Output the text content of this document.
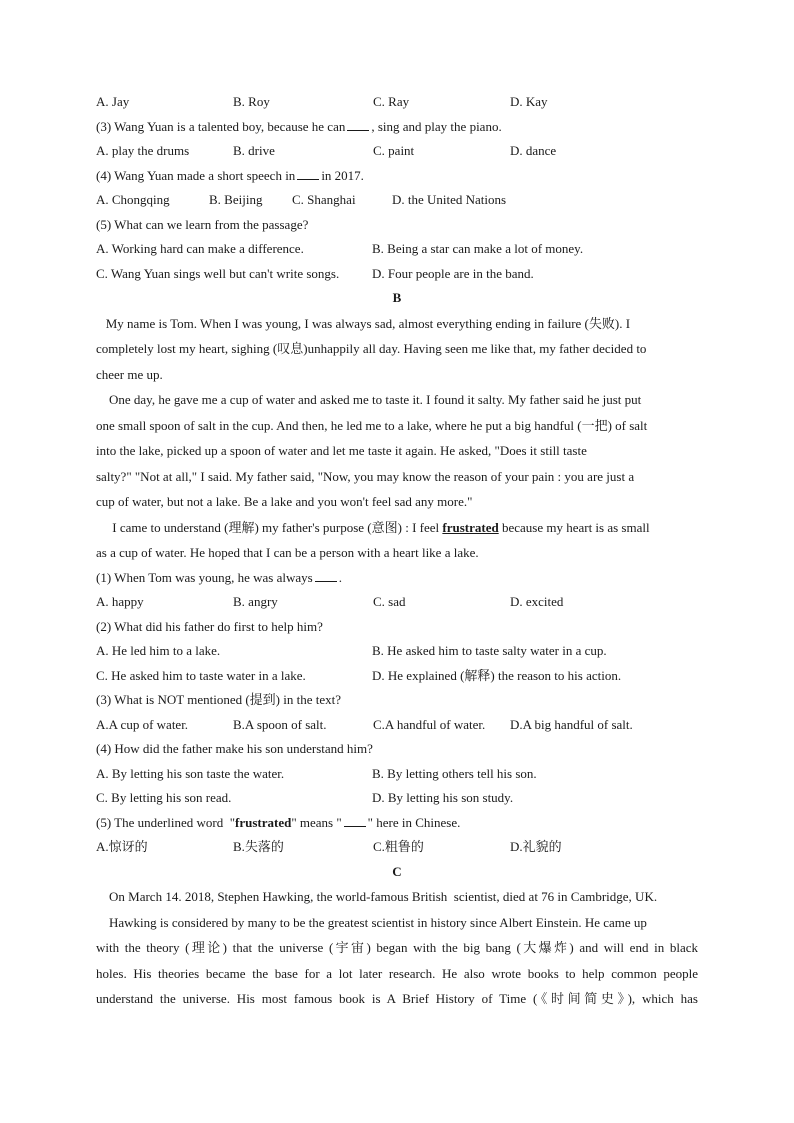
A. Jay	B. Roy	C. Ray	D. Kay
(3) Wang Yuan is a talented boy, because he can , sing and play the piano.
A. play the drums	B. drive	C. paint	D. dance
(4) Wang Yuan made a short speech in in 2017.
A. Chongqing	B. Beijing C. Shanghai	D. the United Nations
(5) What can we learn from the passage?
A. Working hard can make a difference.	B. Being a star can make a lot of money.
C. Wang Yuan sings well but can't write songs.	D. Four people are in the band.
B
My name is Tom. When I was young, I was always sad, almost everything ending in failure (失败). I
completely lost my heart, sighing (叹息)unhappily all day. Having seen me like that, my father decided to
cheer me up.
One day, he gave me a cup of water and asked me to taste it. I found it salty. My father said he just put
one small spoon of salt in the cup. And then, he led me to a lake, where he put a big handful (一把) of salt
into the lake, picked up a spoon of water and let me taste it again. He asked, "Does it still taste
salty?" "Not at all," I said. My father said, "Now, you may know the reason of your pain : you are just a
cup of water, but not a lake. Be a lake and you won't feel sad any more."
I came to understand (理解) my father's purpose (意图) : I feel frustrated because my heart is as small
as a cup of water. He hoped that I can be a person with a heart like a lake.
(1) When Tom was young, he was always .
A. happy	B. angry	C. sad	D. excited
(2) What did his father do first to help him?
A. He led him to a lake.	B. He asked him to taste salty water in a cup.
C. He asked him to taste water in a lake.	D. He explained (解释) the reason to his action.
(3) What is NOT mentioned (提到) in the text?
A.A cup of water.	B.A spoon of salt.	C.A handful of water. D.A big handful of salt.
(4) How did the father make his son understand him?
A. By letting his son taste the water.	B. By letting others tell his son.
C. By letting his son read.	D. By letting his son study.
(5) The underlined word  "frustrated" means " " here in Chinese.
A.惊讶的	B.失落的	C.粗鲁的	D.礼貌的
C
On March 14. 2018, Stephen Hawking, the world-famous British  scientist, died at 76 in Cambridge, UK.
Hawking is considered by many to be the greatest scientist in history since Albert Einstein. He came up
with the theory (理论) that the universe (宇宙) began with the big bang (大爆炸) and will end in black
holes. His theories became the base for a lot later research. He also wrote books to help common people
understand the universe. His most famous book is A Brief History of Time (《时间简史》), which has
